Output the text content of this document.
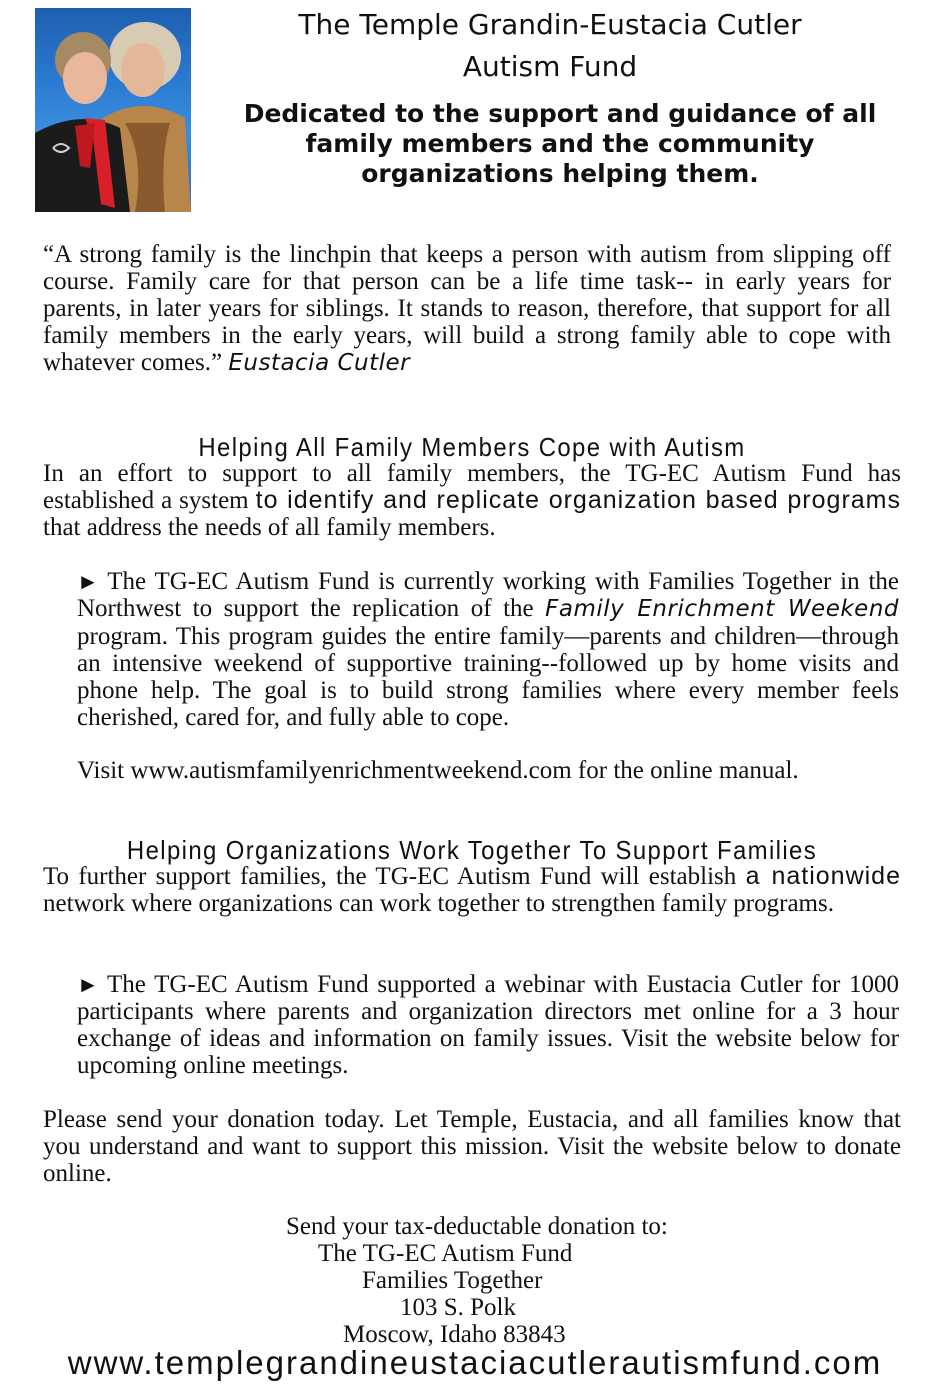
The Temple Grandin-Eustacia Cutler
Autism Fund
Dedicated to the support and guidance of all family members and the community organizations helping them.

“A strong family is the linchpin that keeps a person with autism from slipping off course. Family care for that person can be a life time task-- in early years for parents, in later years for siblings. It stands to reason, therefore, that support for all family members in the early years, will build a strong family able to cope with whatever comes.” Eustacia Cutler

Helping All Family Members Cope with Autism

In an effort to support to all family members, the TG-EC Autism Fund has established a system to identify and replicate organization based programs that address the needs of all family members.

► The TG-EC Autism Fund is currently working with Families Together in the Northwest to support the replication of the Family Enrichment Weekend program. This program guides the entire family—parents and children—through an intensive weekend of supportive training--followed up by home visits and phone help. The goal is to build strong families where every member feels cherished, cared for, and fully able to cope.

Visit www.autismfamilyenrichmentweekend.com for the online manual.

Helping Organizations Work Together To Support Families

To further support families, the TG-EC Autism Fund will establish a nationwide network where organizations can work together to strengthen family programs.

► The TG-EC Autism Fund supported a webinar with Eustacia Cutler for 1000 participants where parents and organization directors met online for a 3 hour exchange of ideas and information on family issues. Visit the website below for upcoming online meetings.

Please send your donation today. Let Temple, Eustacia, and all families know that you understand and want to support this mission. Visit the website below to donate online.

Send your tax-deductable donation to:
The TG-EC Autism Fund
Families Together
103 S. Polk
Moscow, Idaho 83843
www.templegrandineustaciacutlerautismfund.com
